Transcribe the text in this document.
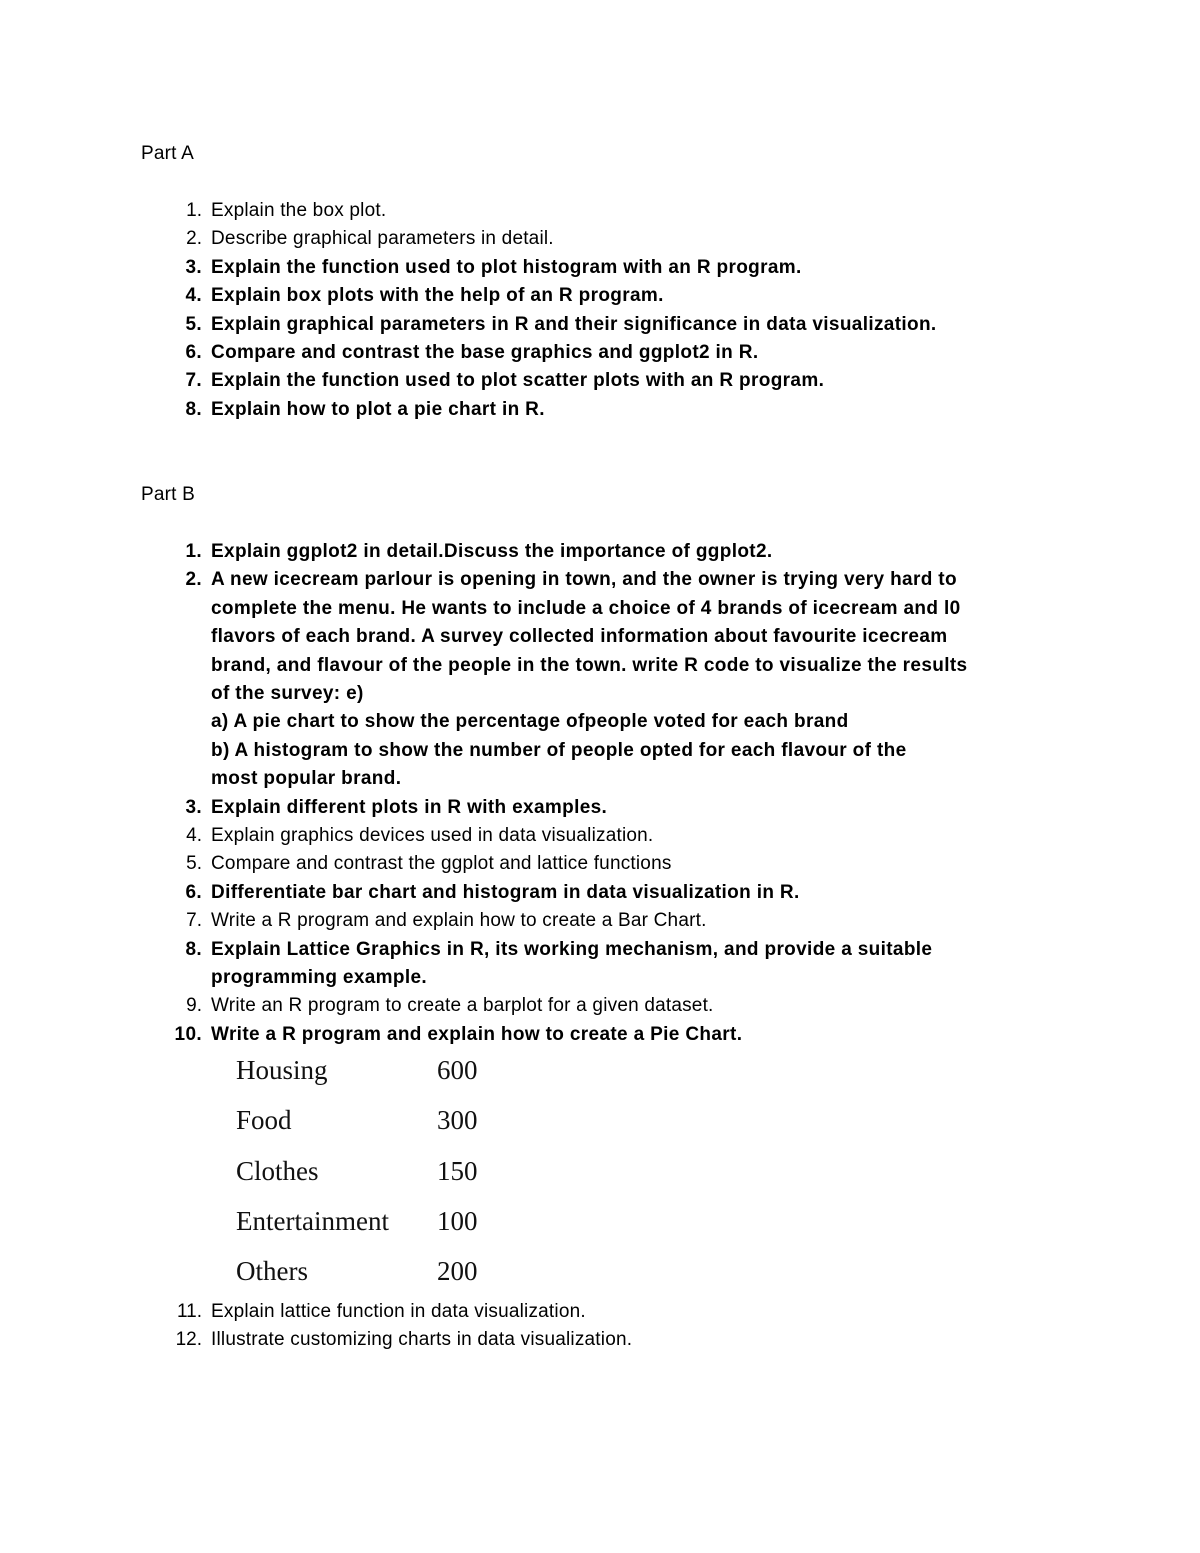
Part A
1. Explain the box plot.
2. Describe graphical parameters in detail.
3. Explain the function used to plot histogram with an R program.
4. Explain box plots with the help of an R program.
5. Explain graphical parameters in R and their significance in data visualization.
6. Compare and contrast the base graphics and ggplot2 in R.
7. Explain the function used to plot scatter plots with an R program.
8. Explain how to plot a pie chart in R.
Part B
1. Explain ggplot2 in detail.Discuss the importance of ggplot2.
2. A new icecream parlour is opening in town, and the owner is trying very hard to
complete the menu. He wants to include a choice of 4 brands of icecream and l0
flavors of each brand. A survey collected information about favourite icecream
brand, and flavour of the people in the town. write R code to visualize the results
of the survey: e)
a) A pie chart to show the percentage ofpeople voted for each brand
b) A histogram to show the number of people opted for each flavour of the
most popular brand.
3. Explain different plots in R with examples.
4. Explain graphics devices used in data visualization.
5. Compare and contrast the ggplot and lattice functions
6. Differentiate bar chart and histogram in data visualization in R.
7. Write a R program and explain how to create a Bar Chart.
8. Explain Lattice Graphics in R, its working mechanism, and provide a suitable
programming example.
9. Write an R program to create a barplot for a given dataset.
10. Write a R program and explain how to create a Pie Chart.
Housing	600
Food	300
Clothes	150
Entertainment 100
Others	200
11. Explain lattice function in data visualization.
12. Illustrate customizing charts in data visualization.
